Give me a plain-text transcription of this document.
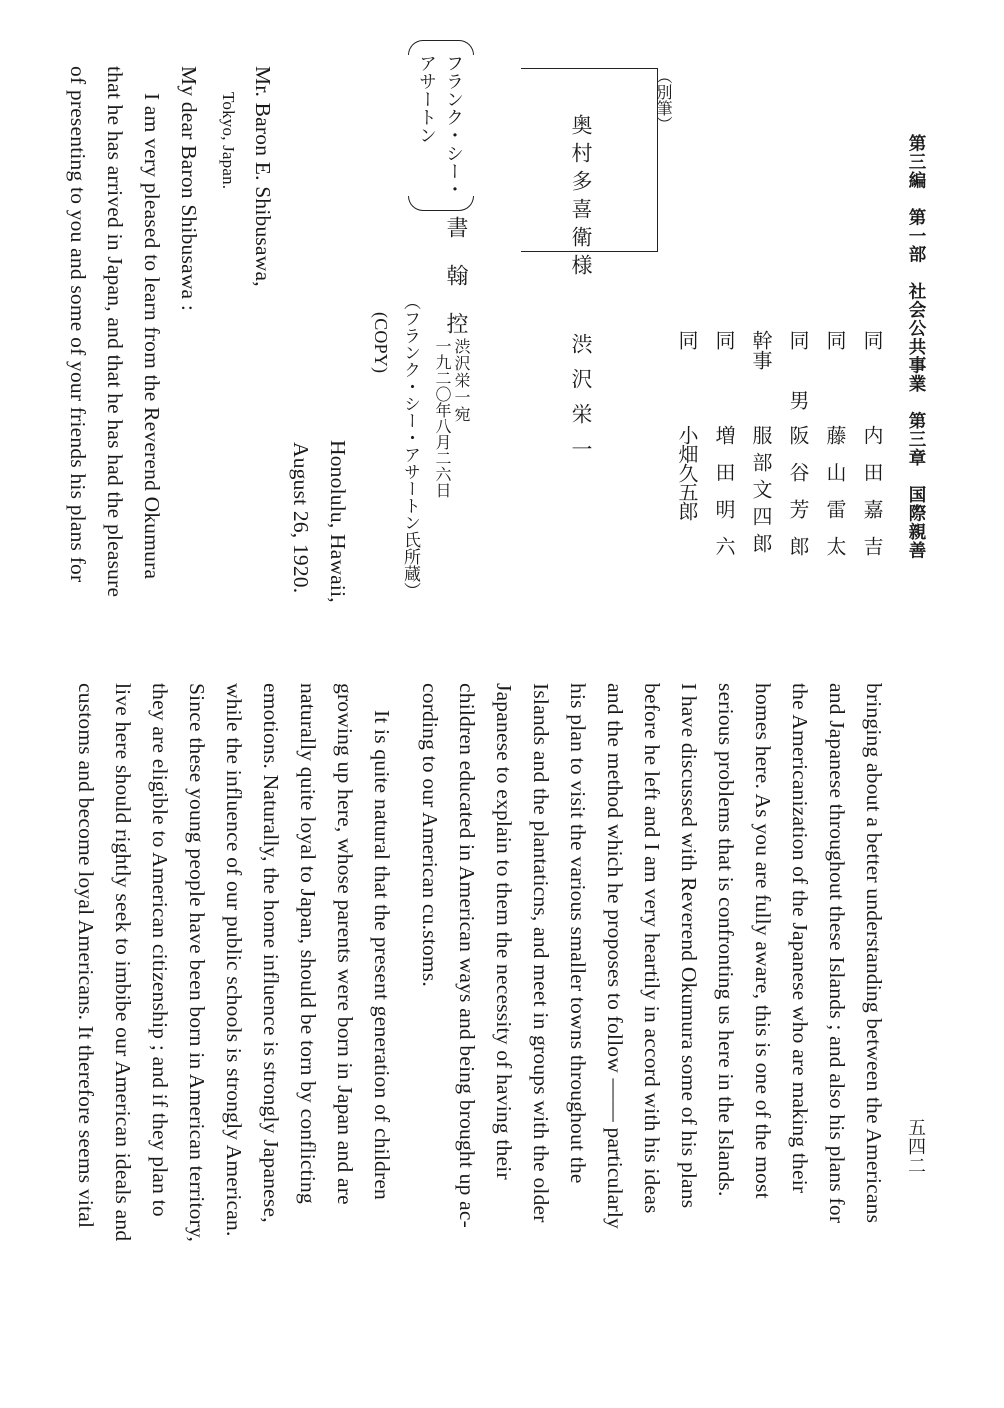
第三編　第一部　社会公共事業　第三章　国際親善
五四二
同
内田嘉吉
同
藤山雷太
同　男
阪谷芳郎
幹事
服部文四郎
同
増田明六
同
小畑久五郎
（別筆）
奥村多喜衛様
渋沢栄一
フランク・シー・
アサートン
書翰控
渋沢栄一宛
一九二〇年八月二六日
（フランク・シー・アサートン氏所蔵）
(COPY)
Honolulu, Hawaii,
August 26, 1920.
Mr. Baron E. Shibusawa,
Tokyo, Japan.
My dear Baron Shibusawa :
I am very pleased to learn from the Reverend Okumura
that he has arrived in Japan, and that he has had the pleasure
of presenting to you and some of your friends his plans for
bringing about a better understanding between the Americans
and Japanese throughout these Islands ; and also his plans for
the Americanization of the Japanese who are making their
homes here. As you are fully aware, this is one of the most
serious problems that is confronting us here in the Islands.
I have discussed with Reverend Okumura some of his plans
before he left and I am very heartily in accord with his ideas
and the method which he proposes to follow —— particularly
his plan to visit the various smaller towns throughout the
Islands and the plantaticns, and meet in groups with the older
Japanese to explain to them the necessity of having their
children educated in American ways and being brought up ac-
cording to our American cu.stoms.
It is quite natural that the present generation of children
growing up here, whose parents were born in Japan and are
naturally quite loyal to Japan, should be torn by conflicting
emotions. Naturally, the home influence is strongly Japanese,
while the influence of our public schools is strongly American.
Since these young people have been born in American territory,
they are eligible to American citizenship ; and if they plan to
live here should rightly seek to imbibe our American ideals and
customs and become loyal Americans. It therefore seems vital
